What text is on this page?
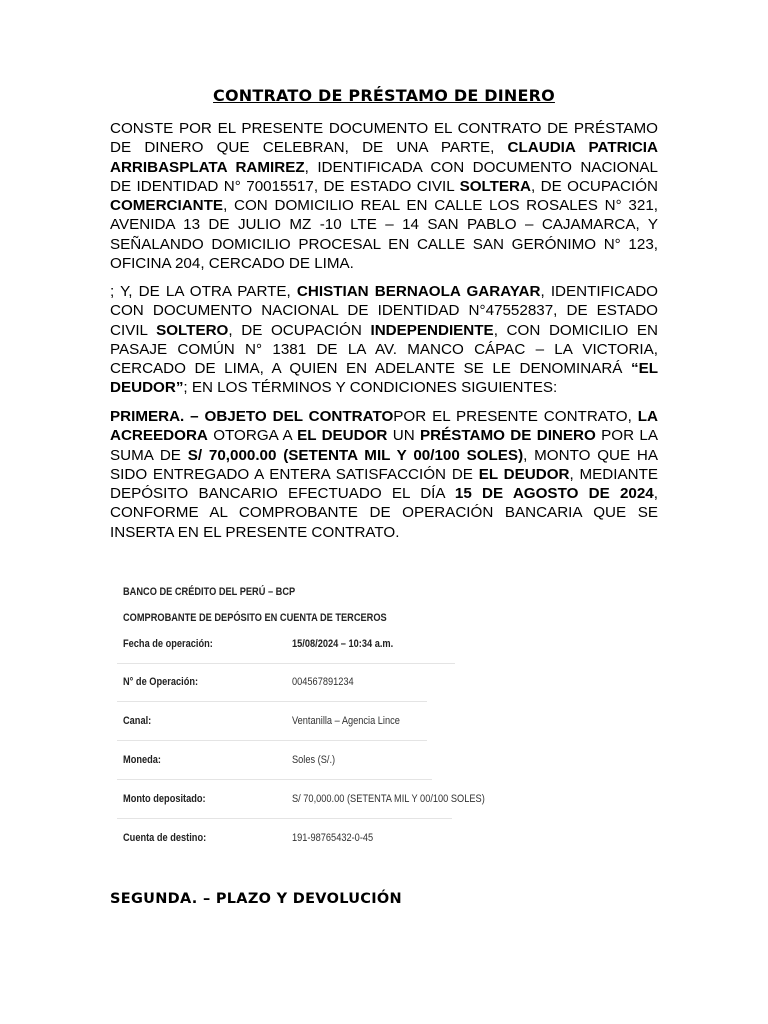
CONTRATO DE PRÉSTAMO DE DINERO

CONSTE POR EL PRESENTE DOCUMENTO EL CONTRATO DE PRÉSTAMO DE DINERO QUE CELEBRAN, DE UNA PARTE, CLAUDIA PATRICIA ARRIBASPLATA RAMIREZ, IDENTIFICADA CON DOCUMENTO NACIONAL DE IDENTIDAD N° 70015517, DE ESTADO CIVIL SOLTERA, DE OCUPACIÓN COMERCIANTE, CON DOMICILIO REAL EN CALLE LOS ROSALES N° 321, AVENIDA 13 DE JULIO MZ -10 LTE – 14 SAN PABLO – CAJAMARCA, Y SEÑALANDO DOMICILIO PROCESAL EN CALLE SAN GERÓNIMO N° 123, OFICINA 204, CERCADO DE LIMA.

; Y, DE LA OTRA PARTE, CHISTIAN BERNAOLA GARAYAR, IDENTIFICADO CON DOCUMENTO NACIONAL DE IDENTIDAD N°47552837, DE ESTADO CIVIL SOLTERO, DE OCUPACIÓN INDEPENDIENTE, CON DOMICILIO EN PASAJE COMÚN N° 1381 DE LA AV. MANCO CÁPAC – LA VICTORIA, CERCADO DE LIMA, A QUIEN EN ADELANTE SE LE DENOMINARÁ “EL DEUDOR”; EN LOS TÉRMINOS Y CONDICIONES SIGUIENTES:

PRIMERA. – OBJETO DEL CONTRATOPOR EL PRESENTE CONTRATO, LA ACREEDORA OTORGA A EL DEUDOR UN PRÉSTAMO DE DINERO POR LA SUMA DE S/ 70,000.00 (SETENTA MIL Y 00/100 SOLES), MONTO QUE HA SIDO ENTREGADO A ENTERA SATISFACCIÓN DE EL DEUDOR, MEDIANTE DEPÓSITO BANCARIO EFECTUADO EL DÍA 15 DE AGOSTO DE 2024, CONFORME AL COMPROBANTE DE OPERACIÓN BANCARIA QUE SE INSERTA EN EL PRESENTE CONTRATO.

BANCO DE CRÉDITO DEL PERÚ – BCP
COMPROBANTE DE DEPÓSITO EN CUENTA DE TERCEROS
Fecha de operación:	15/08/2024 – 10:34 a.m.
N° de Operación:	004567891234
Canal:	Ventanilla – Agencia Lince
Moneda:	Soles (S/.)
Monto depositado:	S/ 70,000.00 (SETENTA MIL Y 00/100 SOLES)
Cuenta de destino:	191-98765432-0-45
SEGUNDA. – PLAZO Y DEVOLUCIÓN
